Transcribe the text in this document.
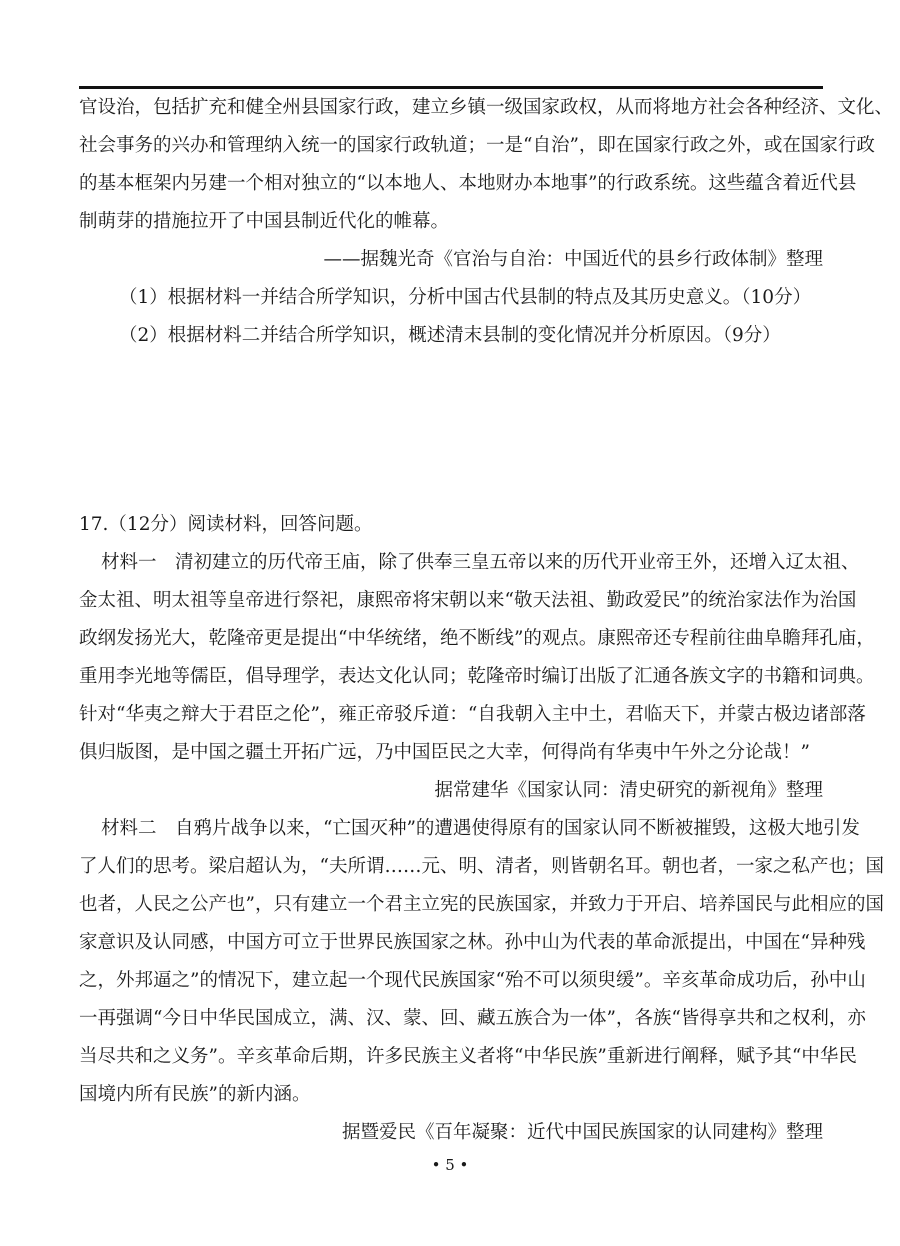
官设治，包括扩充和健全州县国家行政，建立乡镇一级国家政权，从而将地方社会各种经济、文化、
社会事务的兴办和管理纳入统一的国家行政轨道；一是“自治”，即在国家行政之外，或在国家行政
的基本框架内另建一个相对独立的“以本地人、本地财办本地事”的行政系统。这些蕴含着近代县
制萌芽的措施拉开了中国县制近代化的帷幕。
——据魏光奇《官治与自治：中国近代的县乡行政体制》整理
（1）根据材料一并结合所学知识，分析中国古代县制的特点及其历史意义。（10分）
（2）根据材料二并结合所学知识，概述清末县制的变化情况并分析原因。（9分）
17.（12分）阅读材料，回答问题。
材料一　清初建立的历代帝王庙，除了供奉三皇五帝以来的历代开业帝王外，还增入辽太祖、
金太祖、明太祖等皇帝进行祭祀，康熙帝将宋朝以来“敬天法祖、勤政爱民”的统治家法作为治国
政纲发扬光大，乾隆帝更是提出“中华统绪，绝不断线”的观点。康熙帝还专程前往曲阜瞻拜孔庙，
重用李光地等儒臣，倡导理学，表达文化认同；乾隆帝时编订出版了汇通各族文字的书籍和词典。
针对“华夷之辩大于君臣之伦”，雍正帝驳斥道：“自我朝入主中土，君临天下，并蒙古极边诸部落
俱归版图，是中国之疆土开拓广远，乃中国臣民之大幸，何得尚有华夷中午外之分论哉！”
据常建华《国家认同：清史研究的新视角》整理
材料二　自鸦片战争以来，“亡国灭种”的遭遇使得原有的国家认同不断被摧毁，这极大地引发
了人们的思考。梁启超认为，“夫所谓……元、明、清者，则皆朝名耳。朝也者，一家之私产也；国
也者，人民之公产也”，只有建立一个君主立宪的民族国家，并致力于开启、培养国民与此相应的国
家意识及认同感，中国方可立于世界民族国家之林。孙中山为代表的革命派提出，中国在“异种残
之，外邦逼之”的情况下，建立起一个现代民族国家“殆不可以须臾缓”。辛亥革命成功后，孙中山
一再强调“今日中华民国成立，满、汉、蒙、回、藏五族合为一体”，各族“皆得享共和之权利，亦
当尽共和之义务”。辛亥革命后期，许多民族主义者将“中华民族”重新进行阐释，赋予其“中华民
国境内所有民族”的新内涵。
据暨爱民《百年凝聚：近代中国民族国家的认同建构》整理
• 5 •
